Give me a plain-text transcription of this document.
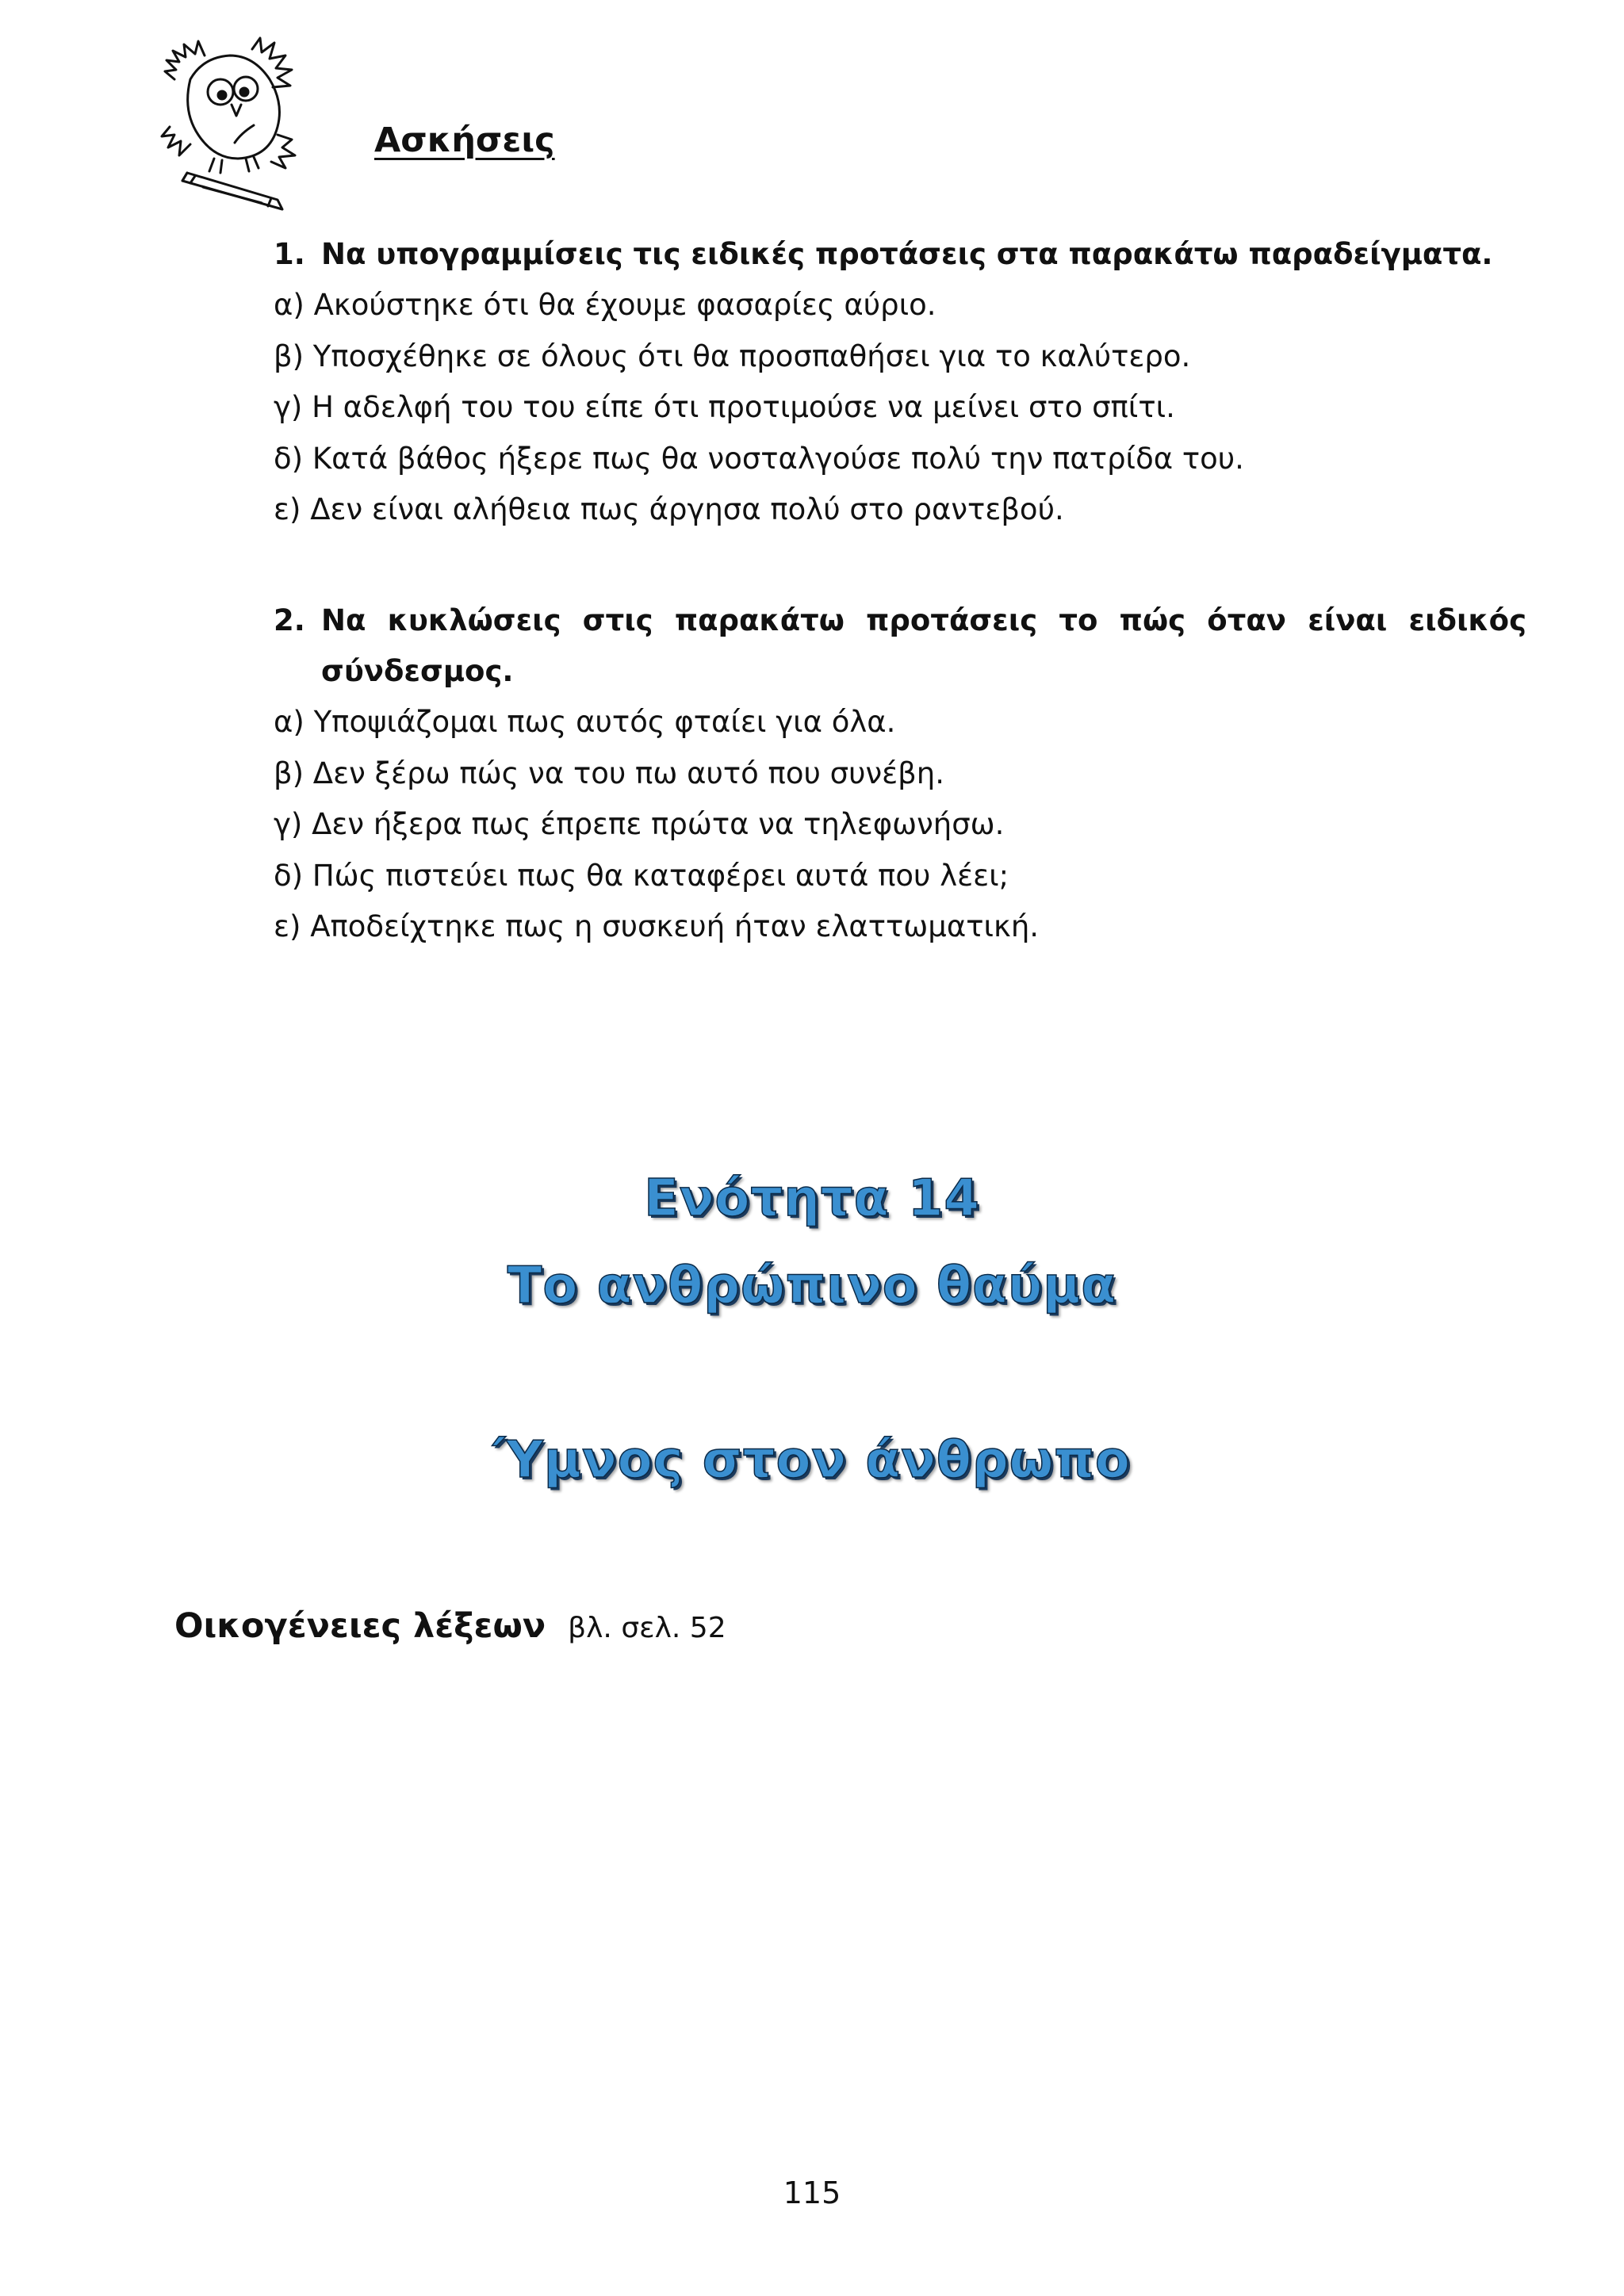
Ασκήσεις

1. Να υπογραμμίσεις τις ειδικές προτάσεις στα παρακάτω παραδείγματα.

α) Ακούστηκε ότι θα έχουμε φασαρίες αύριο.

β) Υποσχέθηκε σε όλους ότι θα προσπαθήσει για το καλύτερο.

γ) Η αδελφή του του είπε ότι προτιμούσε να μείνει στο σπίτι.

δ) Κατά βάθος ήξερε πως θα νοσταλγούσε πολύ την πατρίδα του.

ε) Δεν είναι αλήθεια πως άργησα πολύ στο ραντεβού.

2. Να κυκλώσεις στις παρακάτω προτάσεις το πώς όταν είναι ειδικός

σύνδεσμος.

α) Υποψιάζομαι πως αυτός φταίει για όλα.

β) Δεν ξέρω πώς να του πω αυτό που συνέβη.

γ) Δεν ήξερα πως έπρεπε πρώτα να τηλεφωνήσω.

δ) Πώς πιστεύει πως θα καταφέρει αυτά που λέει;

ε) Αποδείχτηκε πως η συσκευή ήταν ελαττωματική.

Ενότητα 14
Το ανθρώπινο θαύμα
Ύμνος στον άνθρωπο
Οικογένειες λέξεων βλ. σελ. 52
115
